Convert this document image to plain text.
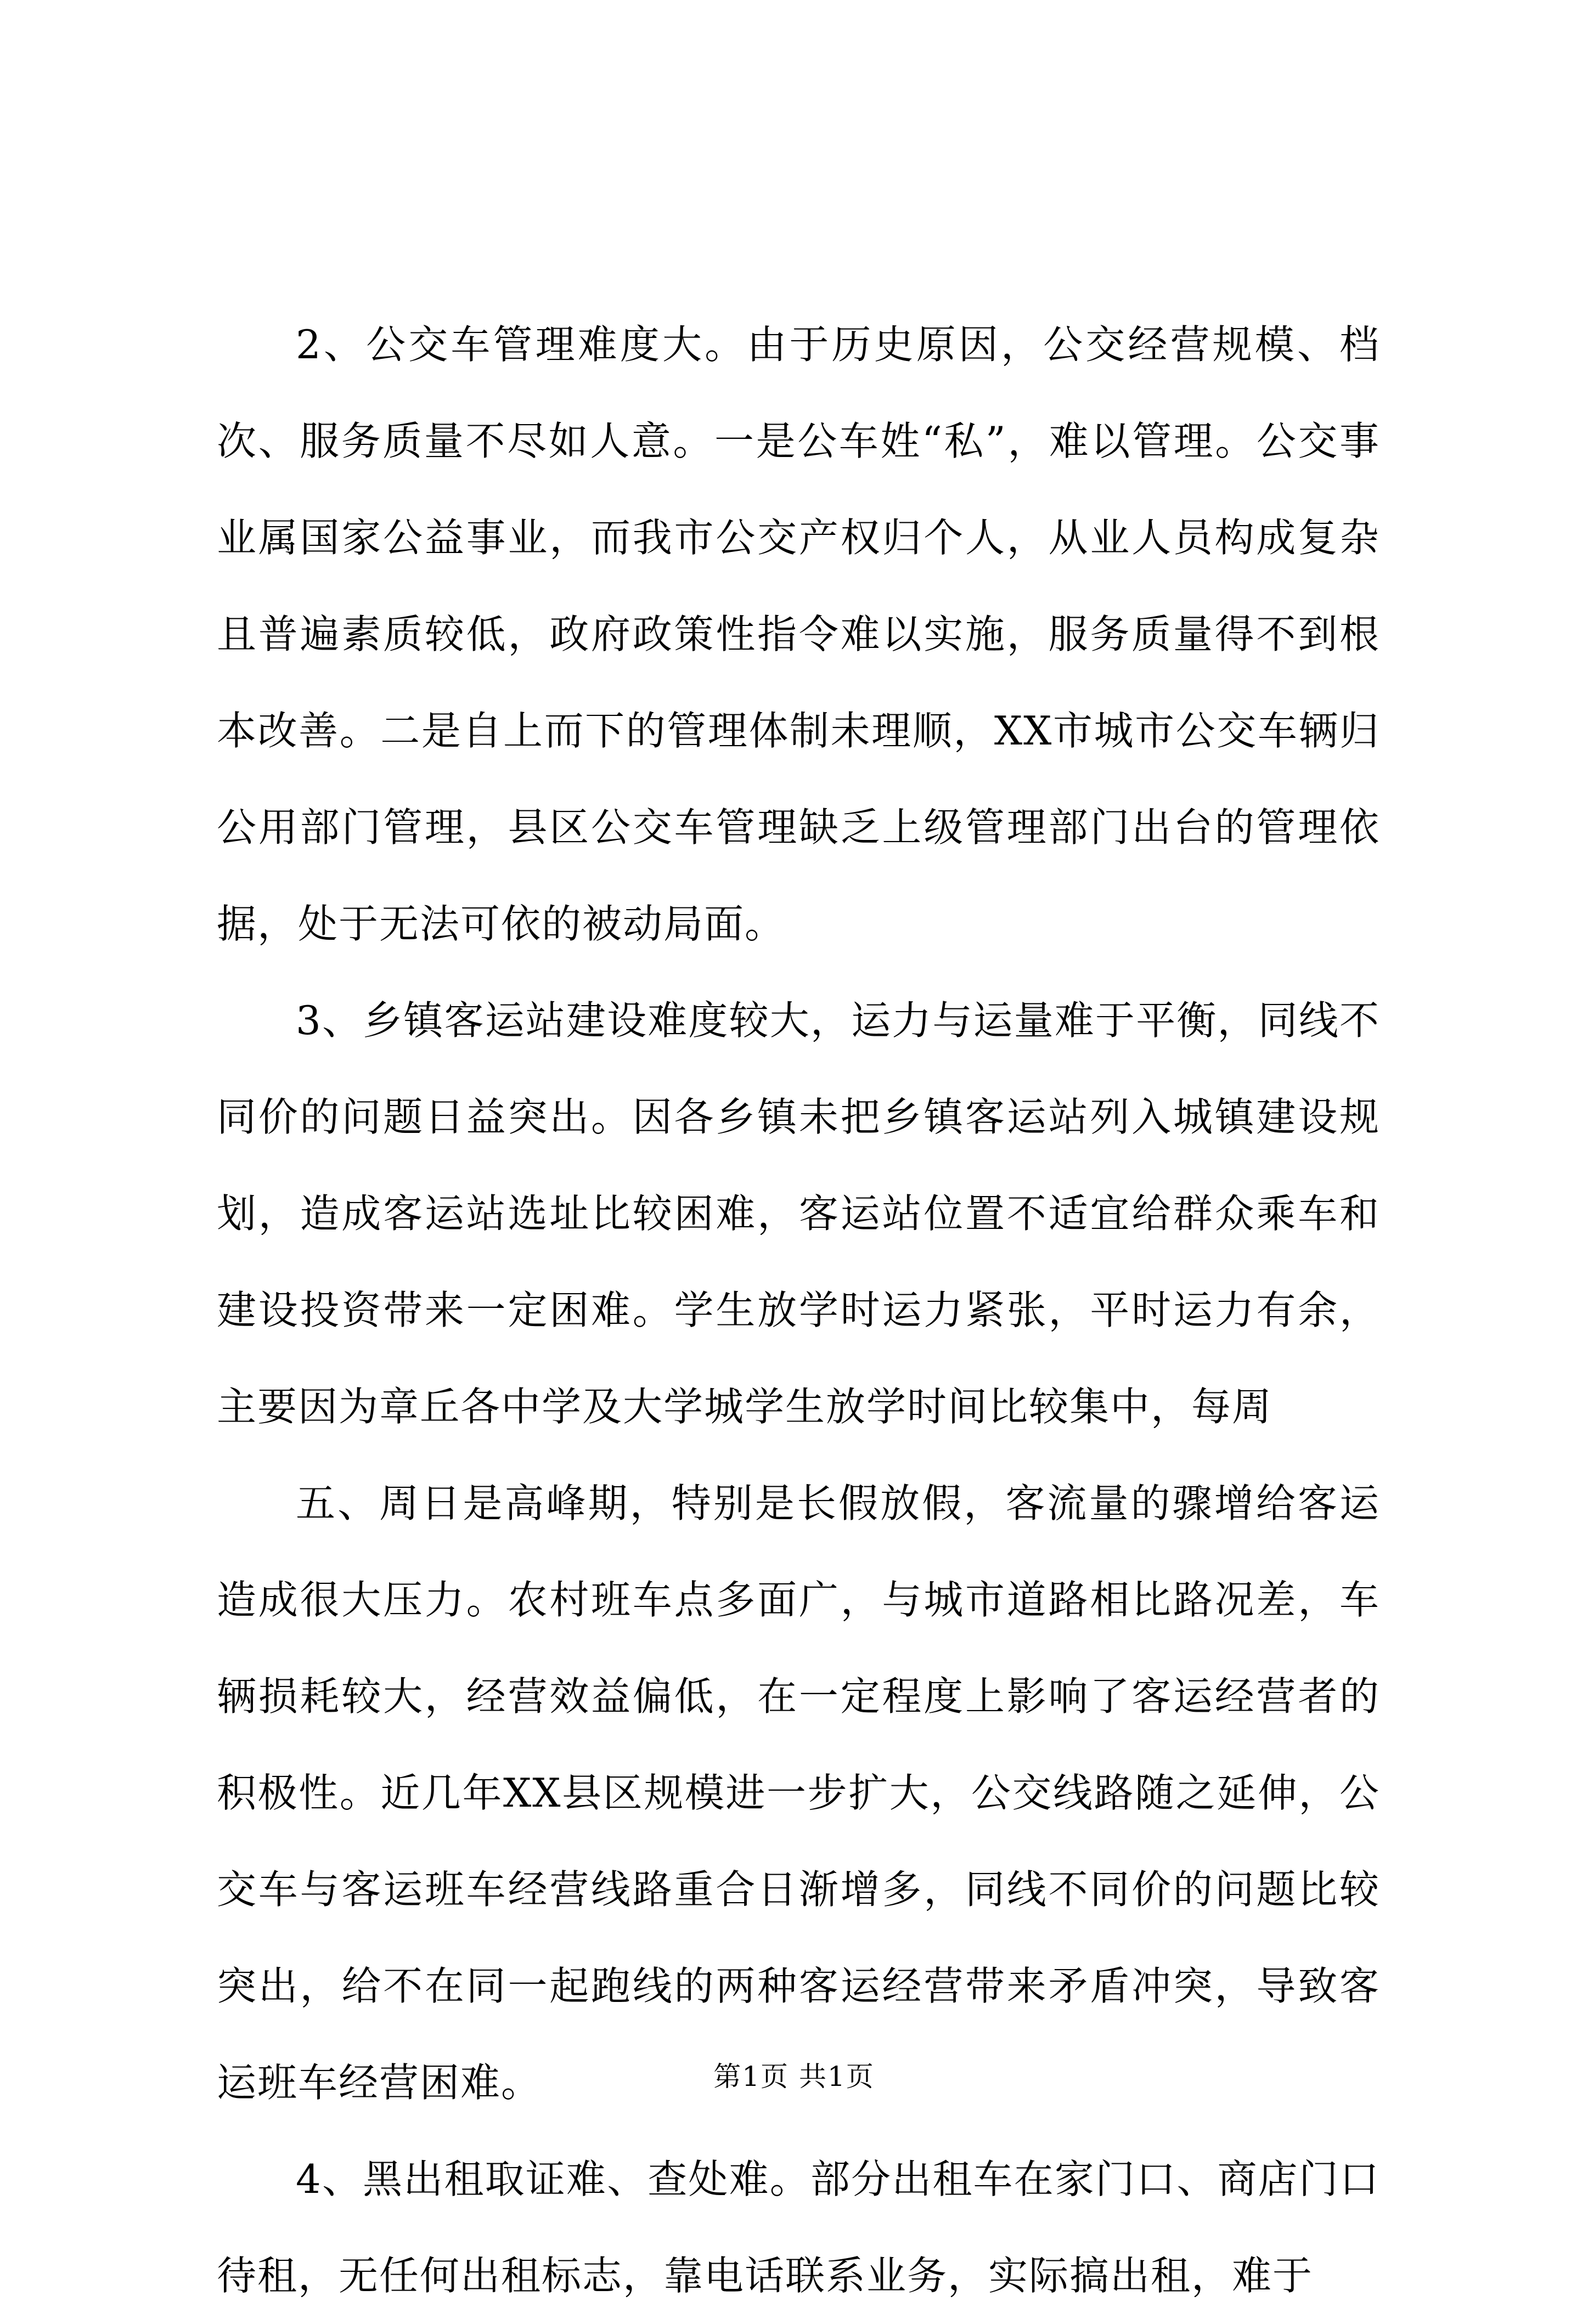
2、公交车管理难度大。由于历史原因，公交经营规模、档次、服务质量不尽如人意。一是公车姓“私”，难以管理。公交事业属国家公益事业，而我市公交产权归个人，从业人员构成复杂且普遍素质较低，政府政策性指令难以实施，服务质量得不到根本改善。二是自上而下的管理体制未理顺，XX市城市公交车辆归公用部门管理，县区公交车管理缺乏上级管理部门出台的管理依据，处于无法可依的被动局面。

3、乡镇客运站建设难度较大，运力与运量难于平衡，同线不同价的问题日益突出。因各乡镇未把乡镇客运站列入城镇建设规划，造成客运站选址比较困难，客运站位置不适宜给群众乘车和建设投资带来一定困难。学生放学时运力紧张，平时运力有余，主要因为章丘各中学及大学城学生放学时间比较集中，每周

五、周日是高峰期，特别是长假放假，客流量的骤增给客运造成很大压力。农村班车点多面广，与城市道路相比路况差，车辆损耗较大，经营效益偏低，在一定程度上影响了客运经营者的积极性。近几年XX县区规模进一步扩大，公交线路随之延伸，公交车与客运班车经营线路重合日渐增多，同线不同价的问题比较突出，给不在同一起跑线的两种客运经营带来矛盾冲突，导致客运班车经营困难。

4、黑出租取证难、查处难。部分出租车在家门口、商店门口待租，无任何出租标志，靠电话联系业务，实际搞出租，难于

第1页 共1页
